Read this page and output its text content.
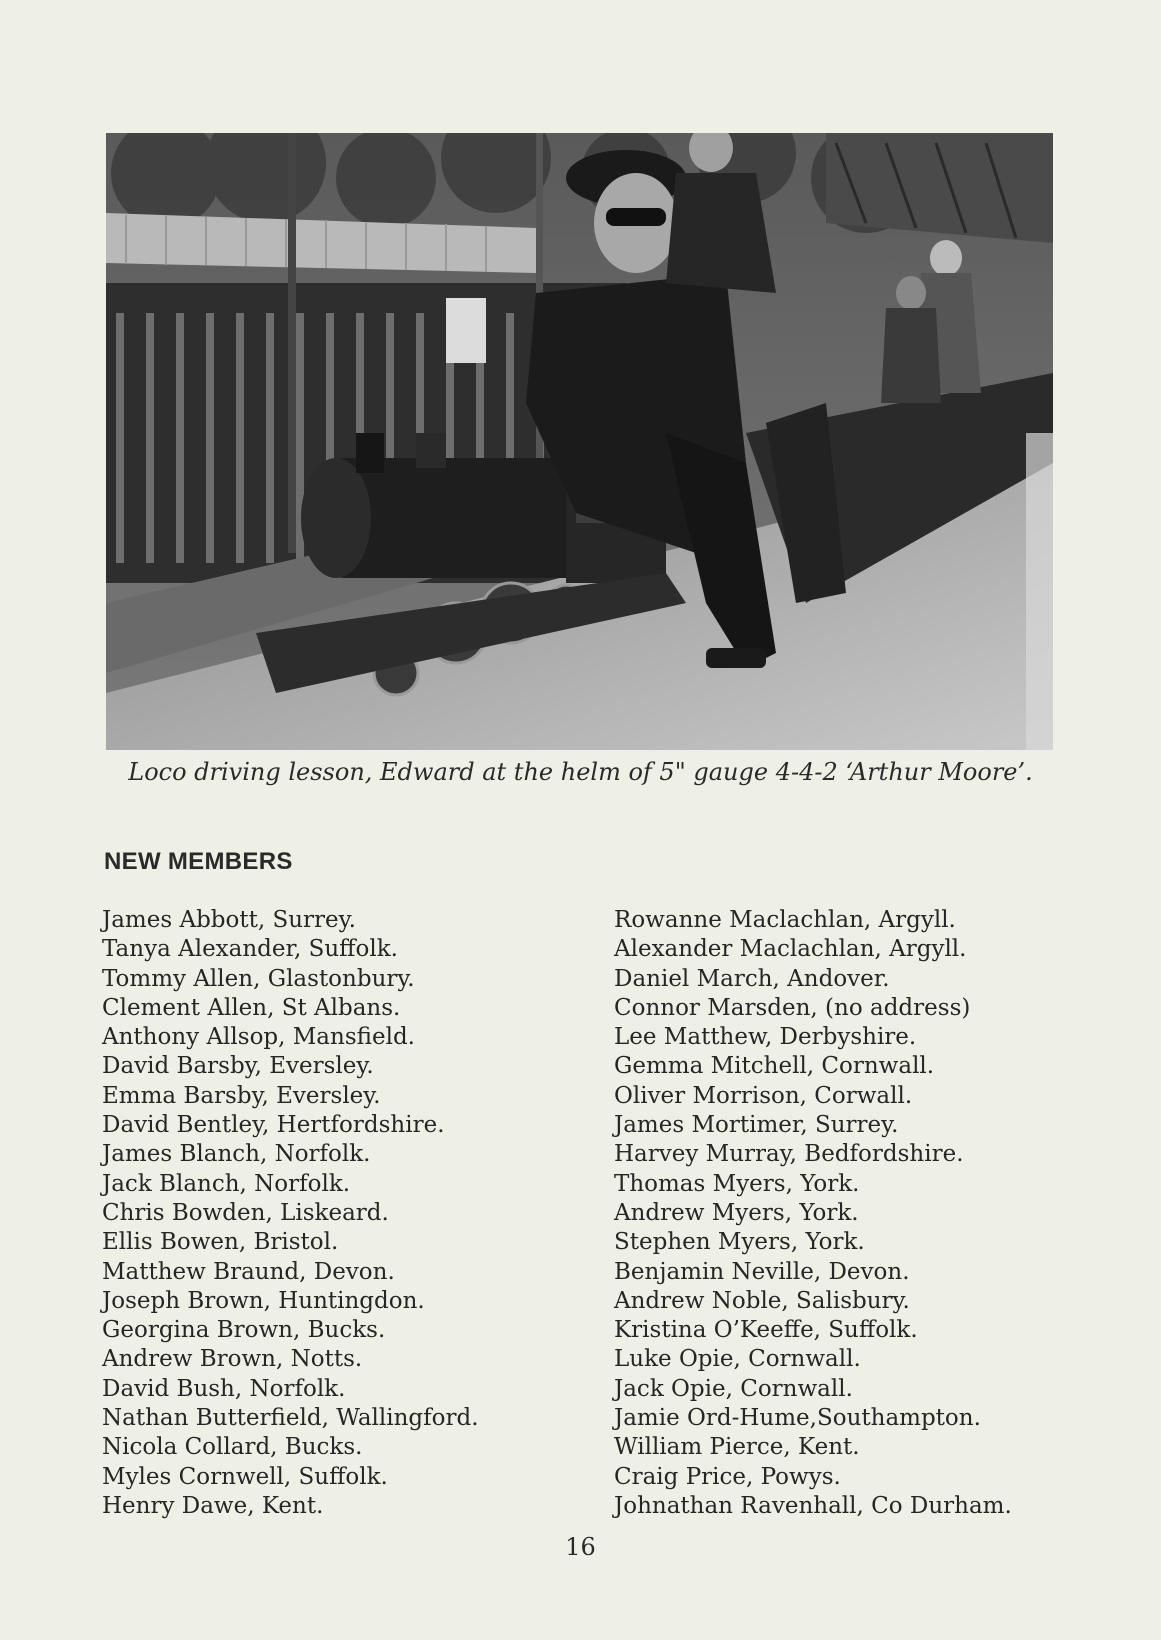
Loco driving lesson, Edward at the helm of 5" gauge 4-4-2 ‘Arthur Moore’.
NEW MEMBERS
James Abbott, Surrey.
Tanya Alexander, Suffolk.
Tommy Allen, Glastonbury.
Clement Allen, St Albans.
Anthony Allsop, Mansfield.
David Barsby, Eversley.
Emma Barsby, Eversley.
David Bentley, Hertfordshire.
James Blanch, Norfolk.
Jack Blanch, Norfolk.
Chris Bowden, Liskeard.
Ellis Bowen, Bristol.
Matthew Braund, Devon.
Joseph Brown, Huntingdon.
Georgina Brown, Bucks.
Andrew Brown, Notts.
David Bush, Norfolk.
Nathan Butterfield, Wallingford.
Nicola Collard, Bucks.
Myles Cornwell, Suffolk.
Henry Dawe, Kent.
Rowanne Maclachlan, Argyll.
Alexander Maclachlan, Argyll.
Daniel March, Andover.
Connor Marsden, (no address)
Lee Matthew, Derbyshire.
Gemma Mitchell, Cornwall.
Oliver Morrison, Corwall.
James Mortimer, Surrey.
Harvey Murray, Bedfordshire.
Thomas Myers, York.
Andrew Myers, York.
Stephen Myers, York.
Benjamin Neville, Devon.
Andrew Noble, Salisbury.
Kristina O’Keeffe, Suffolk.
Luke Opie, Cornwall.
Jack Opie, Cornwall.
Jamie Ord-Hume,Southampton.
William Pierce, Kent.
Craig Price, Powys.
Johnathan Ravenhall, Co Durham.
16
